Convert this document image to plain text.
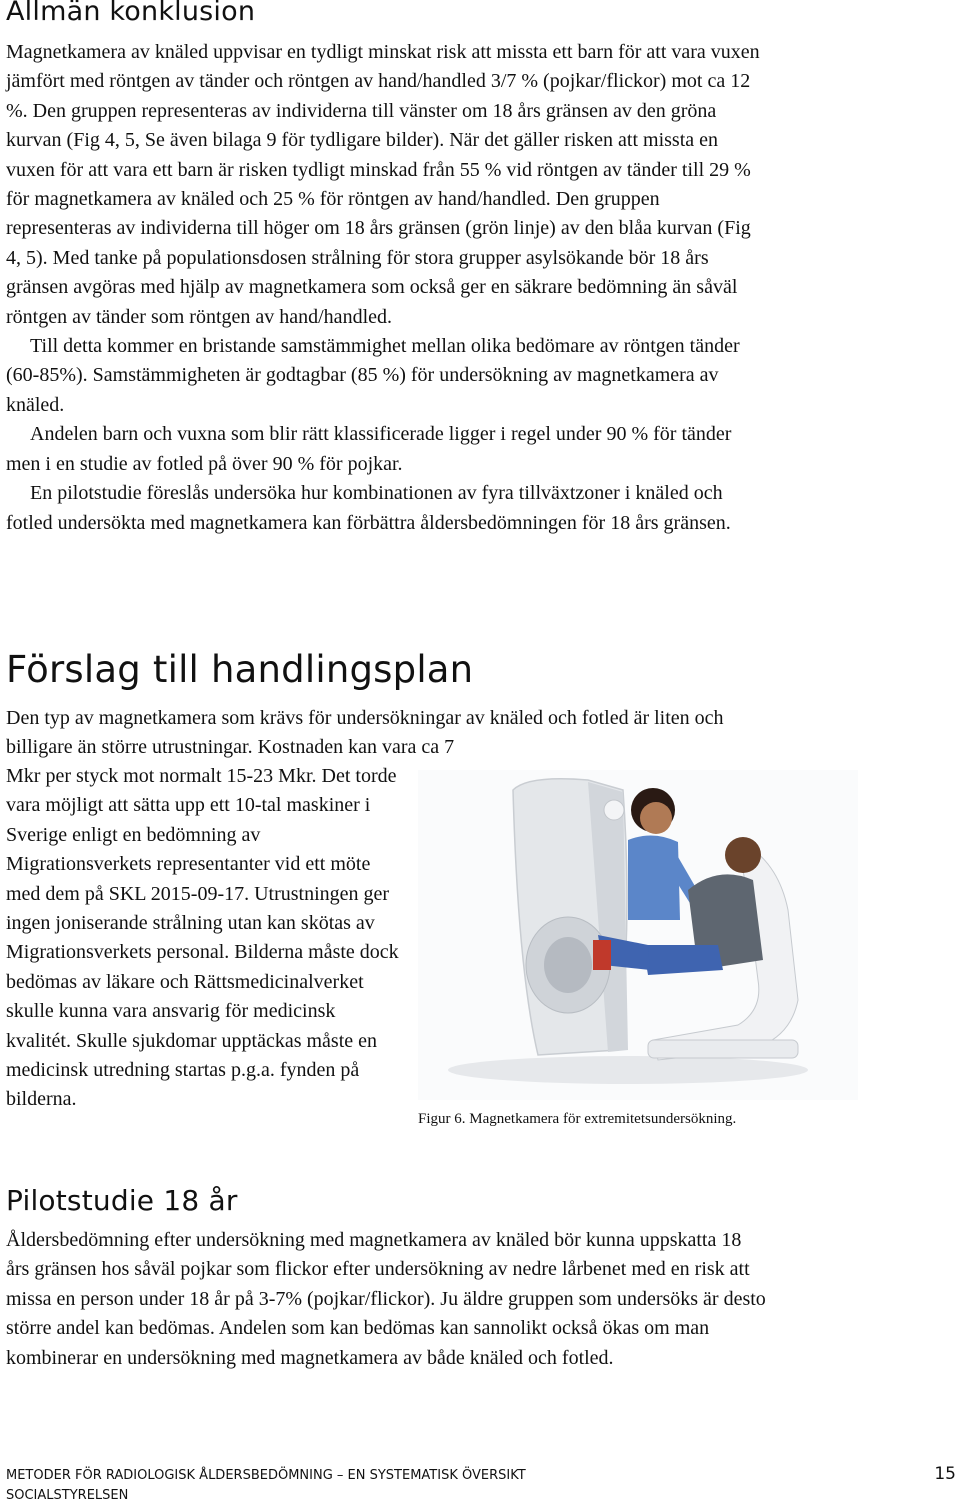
Allmän konklusion

Magnetkamera av knäled uppvisar en tydligt minskat risk att missta ett barn för att vara vuxen jämfört med röntgen av tänder och röntgen av hand/handled 3/7 % (pojkar/flickor) mot ca 12 %. Den gruppen representeras av individerna till vänster om 18 års gränsen av den gröna kurvan (Fig 4, 5, Se även bilaga 9 för tydligare bilder). När det gäller risken att missta en vuxen för att vara ett barn är risken tydligt minskad från 55 % vid röntgen av tänder till 29 % för magnetkamera av knäled och 25 % för röntgen av hand/handled. Den gruppen representeras av individerna till höger om 18 års gränsen (grön linje) av den blåa kurvan (Fig 4, 5). Med tanke på populationsdosen strålning för stora grupper asylsökande bör 18 års gränsen avgöras med hjälp av magnetkamera som också ger en säkrare bedömning än såväl röntgen av tänder som röntgen av hand/handled.

Till detta kommer en bristande samstämmighet mellan olika bedömare av röntgen tänder (60-85%). Samstämmigheten är godtagbar (85 %) för undersökning av magnetkamera av knäled.

Andelen barn och vuxna som blir rätt klassificerade ligger i regel under 90 % för tänder men i en studie av fotled på över 90 % för pojkar.

En pilotstudie föreslås undersöka hur kombinationen av fyra tillväxtzoner i knäled och fotled undersökta med magnetkamera kan förbättra åldersbedömningen för 18 års gränsen.

Förslag till handlingsplan
Den typ av magnetkamera som krävs för undersökningar av knäled och fotled är liten och billigare än större utrustningar. Kostnaden kan vara ca 7
Mkr per styck mot normalt 15-23 Mkr. Det torde vara möjligt att sätta upp ett 10-tal maskiner i Sverige enligt en bedömning av Migrationsverkets representanter vid ett möte med dem på SKL 2015-09-17. Utrustningen ger ingen joniserande strålning utan kan skötas av Migrationsverkets personal. Bilderna måste dock bedömas av läkare och Rättsmedicinalverket skulle kunna vara ansvarig för medicinsk kvalitét. Skulle sjukdomar upptäckas måste en medicinsk utredning startas p.g.a. fynden på bilderna.
Figur 6. Magnetkamera för extremitetsundersökning.
Pilotstudie 18 år
Åldersbedömning efter undersökning med magnetkamera av knäled bör kunna uppskatta 18 års gränsen hos såväl pojkar som flickor efter undersökning av nedre lårbenet med en risk att missa en person under 18 år på 3-7% (pojkar/flickor). Ju äldre gruppen som undersöks är desto större andel kan bedömas. Andelen som kan bedömas kan sannolikt också ökas om man kombinerar en undersökning med magnetkamera av både knäled och fotled.
METODER FÖR RADIOLOGISK ÅLDERSBEDÖMNING – EN SYSTEMATISK ÖVERSIKT
SOCIALSTYRELSEN
15
